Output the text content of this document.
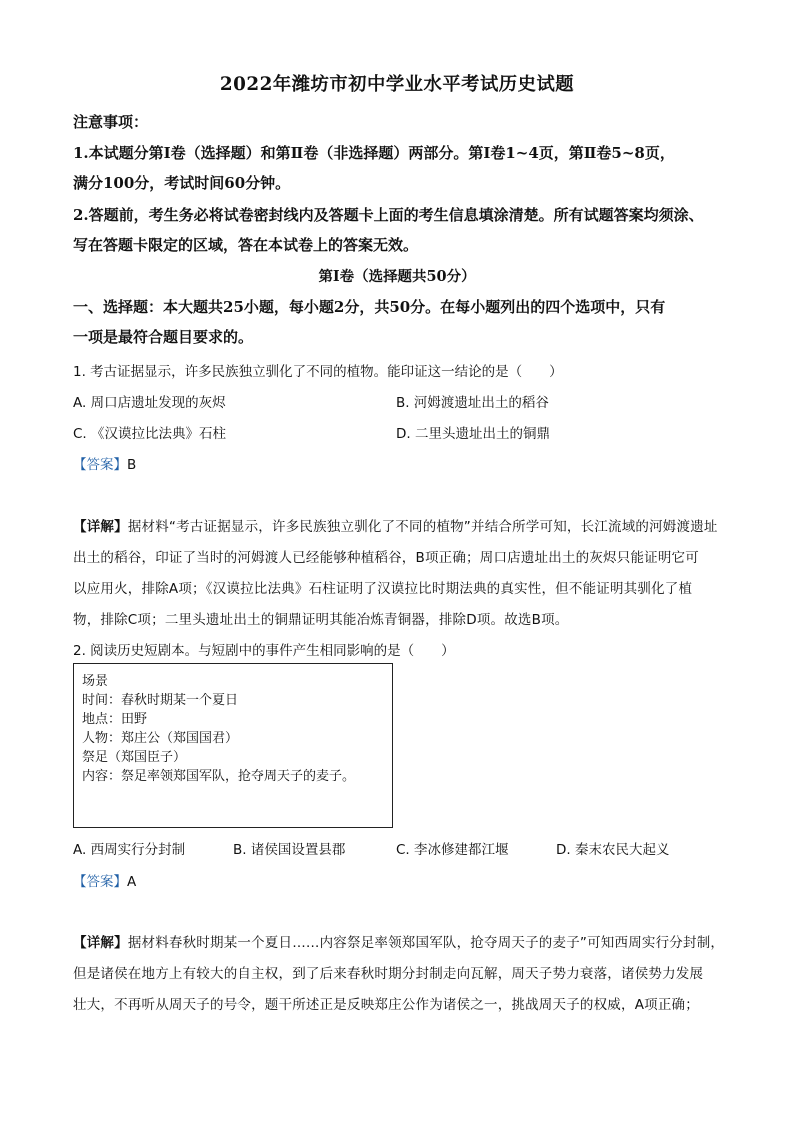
2022年潍坊市初中学业水平考试历史试题
注意事项：
1.本试题分第Ⅰ卷（选择题）和第Ⅱ卷（非选择题）两部分。第Ⅰ卷1~4页，第Ⅱ卷5~8页，
满分100分，考试时间60分钟。
2.答题前，考生务必将试卷密封线内及答题卡上面的考生信息填涂清楚。所有试题答案均须涂、
写在答题卡限定的区域，答在本试卷上的答案无效。
第Ⅰ卷（选择题共50分）
一、选择题：本大题共25小题，每小题2分，共50分。在每小题列出的四个选项中，只有
一项是最符合题目要求的。
1. 考古证据显示，许多民族独立驯化了不同的植物。能印证这一结论的是（　　）
A. 周口店遗址发现的灰烬	B. 河姆渡遗址出土的稻谷
C. 《汉谟拉比法典》石柱	D. 二里头遗址出土的铜鼎
【答案】B
【详解】据材料“考古证据显示，许多民族独立驯化了不同的植物”并结合所学可知，长江流域的河姆渡遗址
出土的稻谷，印证了当时的河姆渡人已经能够种植稻谷，B项正确；周口店遗址出土的灰烬只能证明它可
以应用火，排除A项；《汉谟拉比法典》石柱证明了汉谟拉比时期法典的真实性，但不能证明其驯化了植
物，排除C项；二里头遗址出土的铜鼎证明其能冶炼青铜器，排除D项。故选B项。
2. 阅读历史短剧本。与短剧中的事件产生相同影响的是（　　）
场景
时间：春秋时期某一个夏日
地点：田野
人物：郑庄公（郑国国君）
祭足（郑国臣子）
内容：祭足率领郑国军队，抢夺周天子的麦子。
A. 西周实行分封制	B. 诸侯国设置县郡	C. 李冰修建都江堰	D. 秦末农民大起义
【答案】A
【详解】据材料春秋时期某一个夏日……内容祭足率领郑国军队，抢夺周天子的麦子”可知西周实行分封制，
但是诸侯在地方上有较大的自主权，到了后来春秋时期分封制走向瓦解，周天子势力衰落，诸侯势力发展
壮大，不再听从周天子的号令，题干所述正是反映郑庄公作为诸侯之一，挑战周天子的权威，A项正确；
